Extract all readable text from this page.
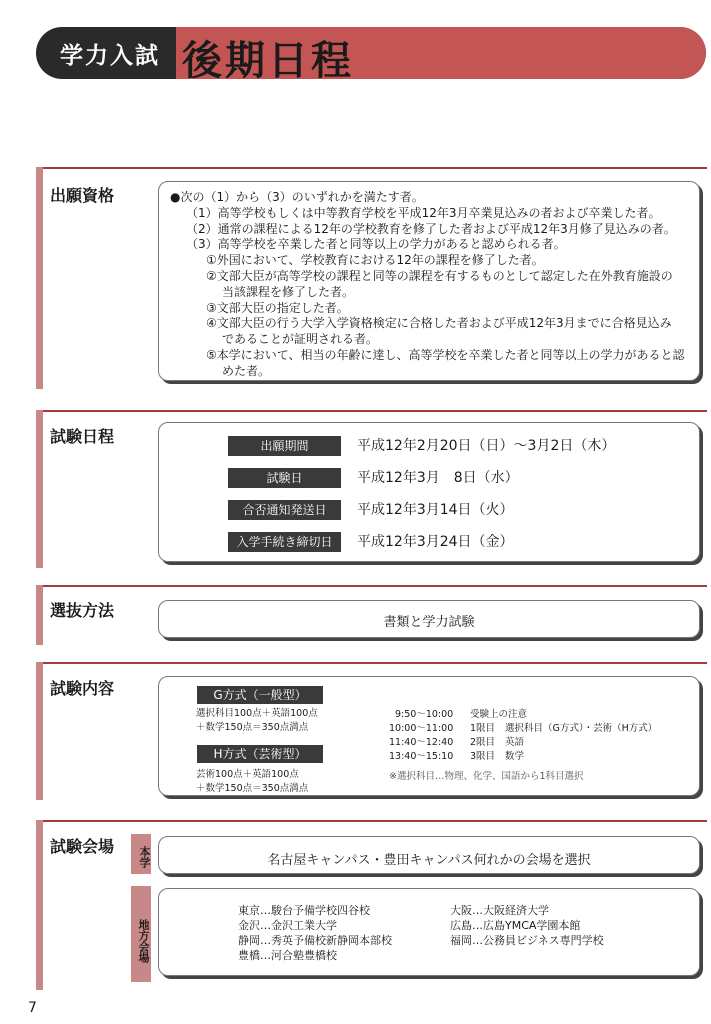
学力入試 後期日程
出願資格	●次の（1）から（3）のいずれかを満たす者。
（1）高等学校もしくは中等教育学校を平成12年3月卒業見込みの者および卒業した者。
（2）通常の課程による12年の学校教育を修了した者および平成12年3月修了見込みの者。
（3）高等学校を卒業した者と同等以上の学力があると認められる者。
①外国において、学校教育における12年の課程を修了した者。
②文部大臣が高等学校の課程と同等の課程を有するものとして認定した在外教育施設の
当該課程を修了した者。
③文部大臣の指定した者。
④文部大臣の行う大学入学資格検定に合格した者および平成12年3月までに合格見込み
であることが証明される者。
⑤本学において、相当の年齢に達し、高等学校を卒業した者と同等以上の学力があると認
めた者。
試験日程	出願期間	平成12年2月20日（日）～3月2日（木）
試験日	平成12年3月　8日（水）
合否通知発送日	平成12年3月14日（火）
入学手続き締切日	平成12年3月24日（金）
選抜方法
書類と学力試験
試験内容	G方式（一般型）
選択科目100点＋英語100点
＋数学150点＝350点満点
H方式（芸術型）
芸術100点＋英語100点
＋数学150点＝350点満点
9:50～10:00 受験上の注意
10:00～11:00 1限目 選択科目（G方式）・芸術（H方式）
11:40～12:40 2限目 英語
13:40～15:10 3限目 数学
※選択科目…物理、化学、国語から1科目選択
試験会場	本学	名古屋キャンパス・豊田キャンパス何れかの会場を選択
地方会場
東京…駿台予備学校四谷校
金沢…金沢工業大学
静岡…秀英予備校新静岡本部校
豊橋…河合塾豊橋校
大阪…大阪経済大学
広島…広島YMCA学園本館
福岡…公務員ビジネス専門学校
7
